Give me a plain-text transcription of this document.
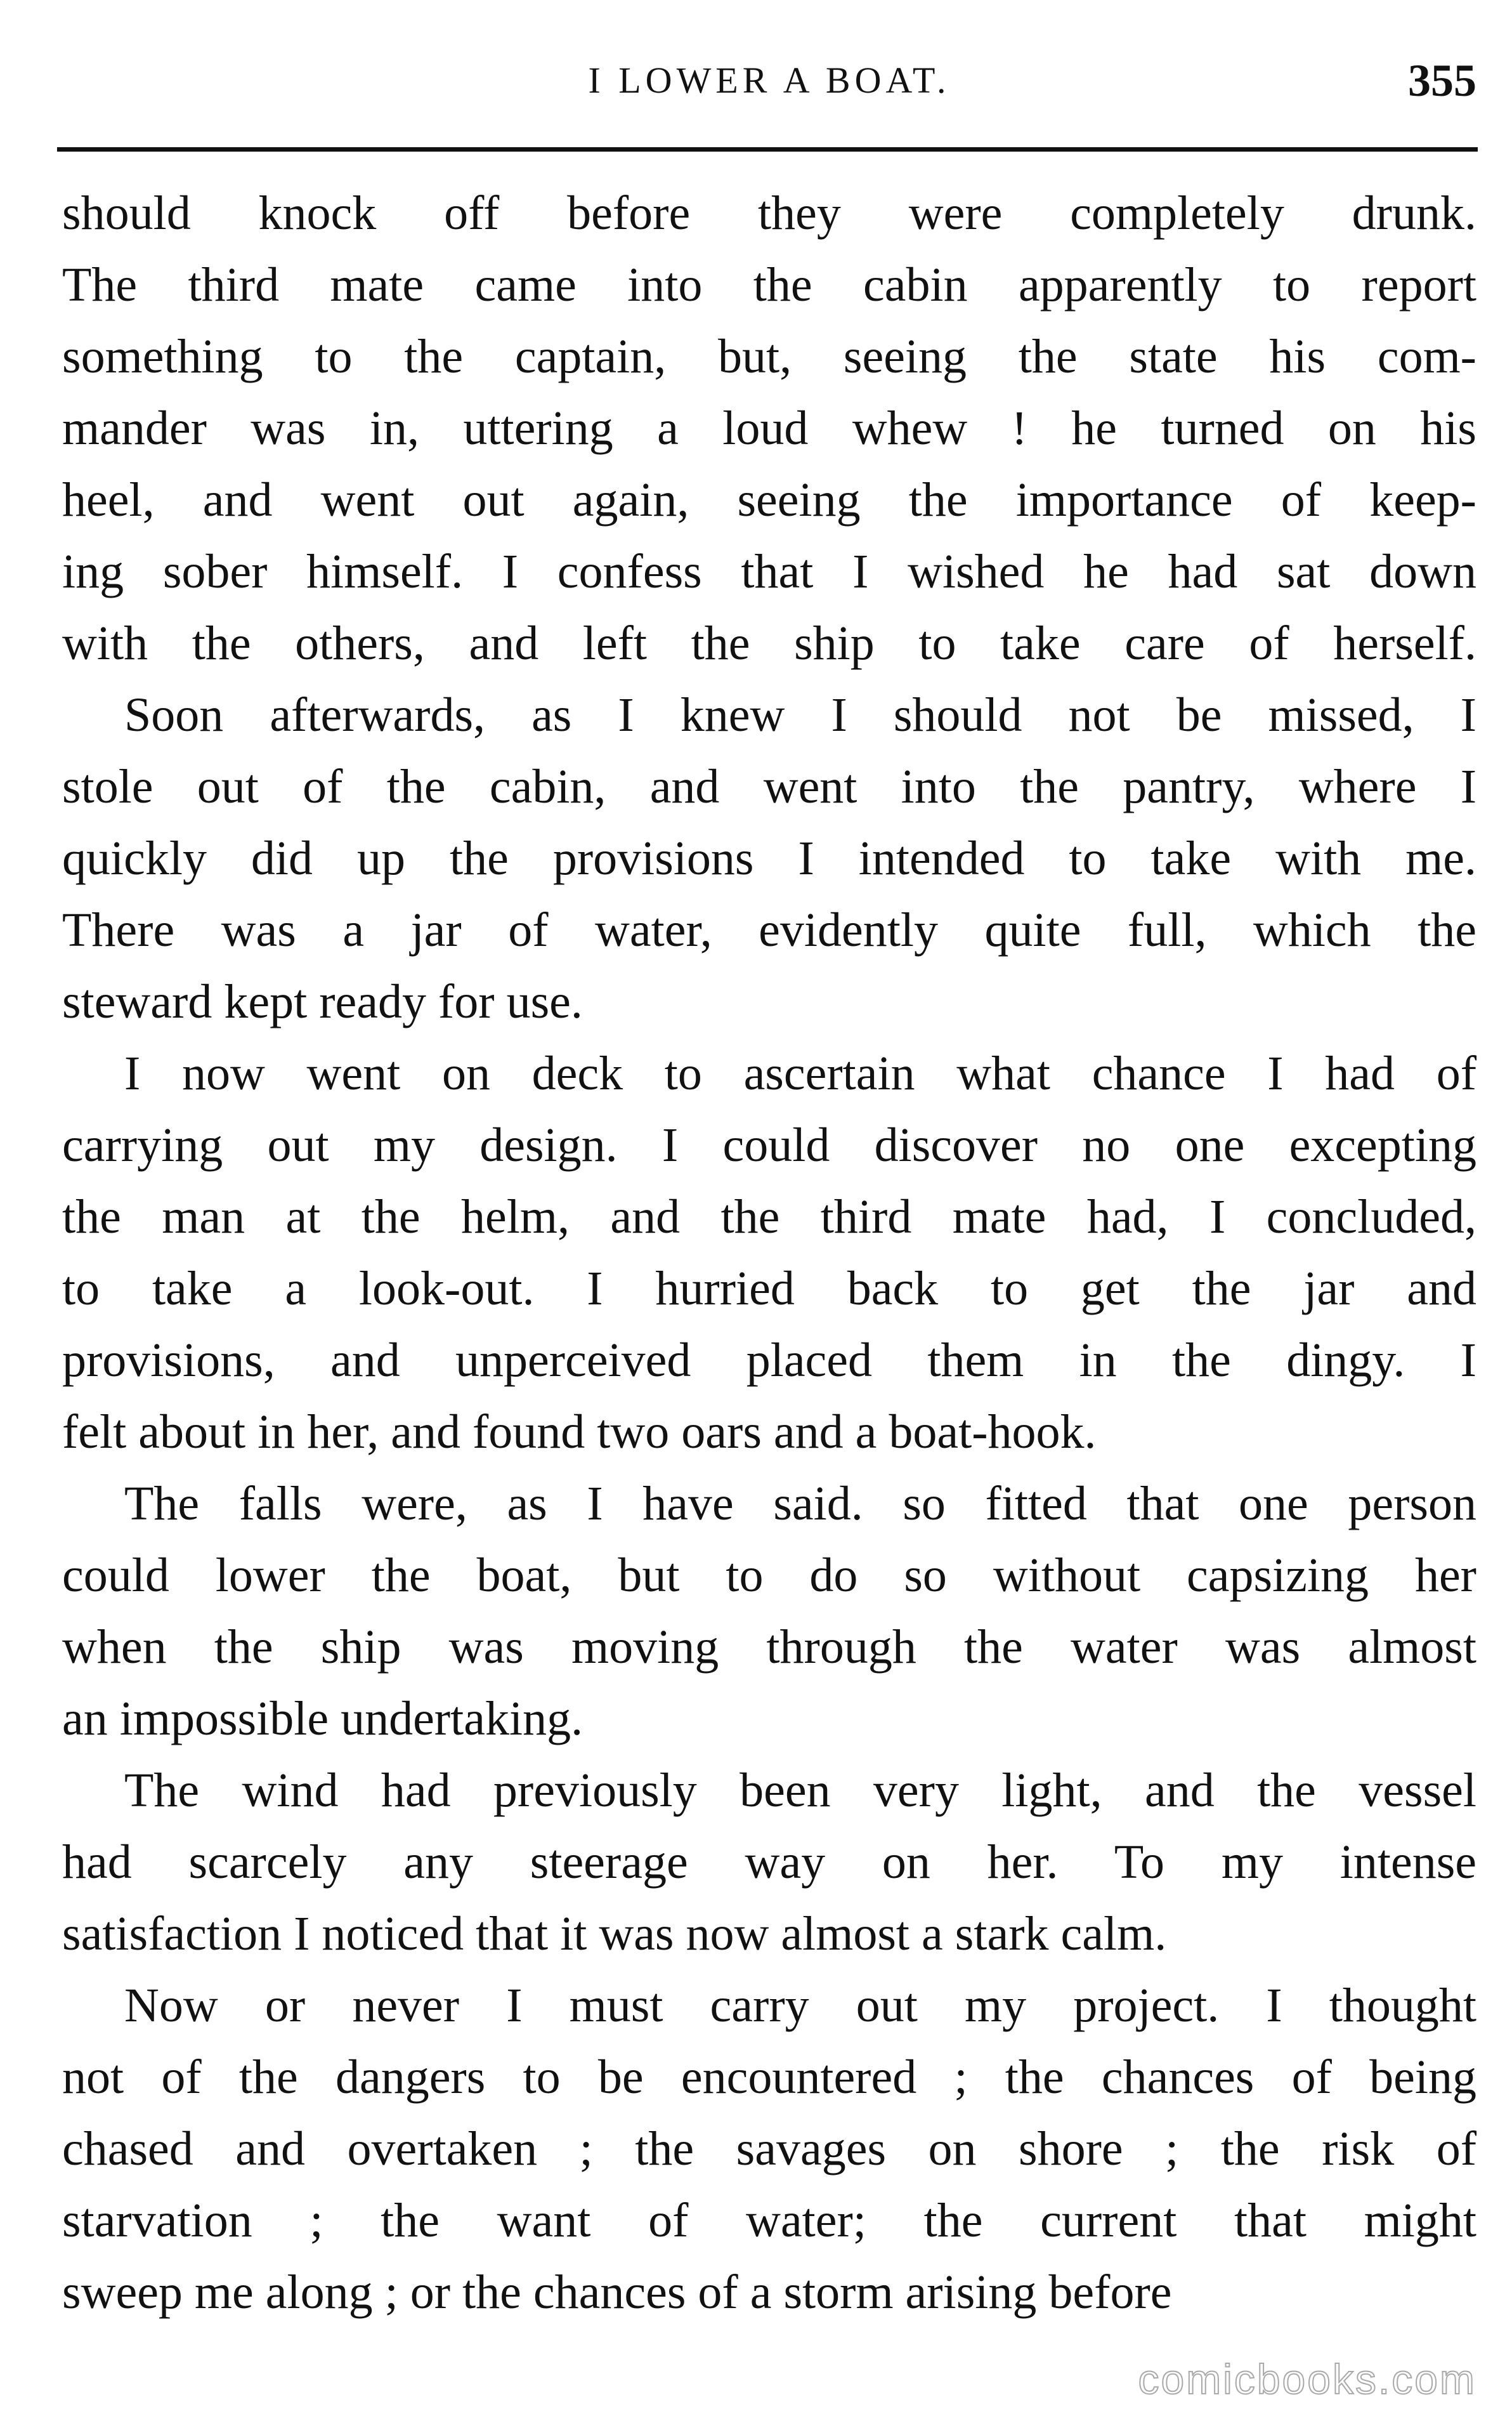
I LOWER A BOAT.	355
should knock off before they were completely drunk.
The third mate came into the cabin apparently to report
something to the captain, but, seeing the state his com-
mander was in, uttering a loud whew ! he turned on his
heel, and went out again, seeing the importance of keep-
ing sober himself. I confess that I wished he had sat down
with the others, and left the ship to take care of herself.
Soon afterwards, as I knew I should not be missed, I
stole out of the cabin, and went into the pantry, where I
quickly did up the provisions I intended to take with me.
There was a jar of water, evidently quite full, which the
steward kept ready for use.
I now went on deck to ascertain what chance I had of
carrying out my design. I could discover no one excepting
the man at the helm, and the third mate had, I concluded,
to take a look-out. I hurried back to get the jar and
provisions, and unperceived placed them in the dingy. I
felt about in her, and found two oars and a boat-hook.
The falls were, as I have said. so fitted that one person
could lower the boat, but to do so without capsizing her
when the ship was moving through the water was almost
an impossible undertaking.
The wind had previously been very light, and the vessel
had scarcely any steerage way on her. To my intense
satisfaction I noticed that it was now almost a stark calm.
Now or never I must carry out my project. I thought
not of the dangers to be encountered ; the chances of being
chased and overtaken ; the savages on shore ; the risk of
starvation ; the want of water; the current that might
sweep me along ; or the chances of a storm arising before
comicbooks.com
